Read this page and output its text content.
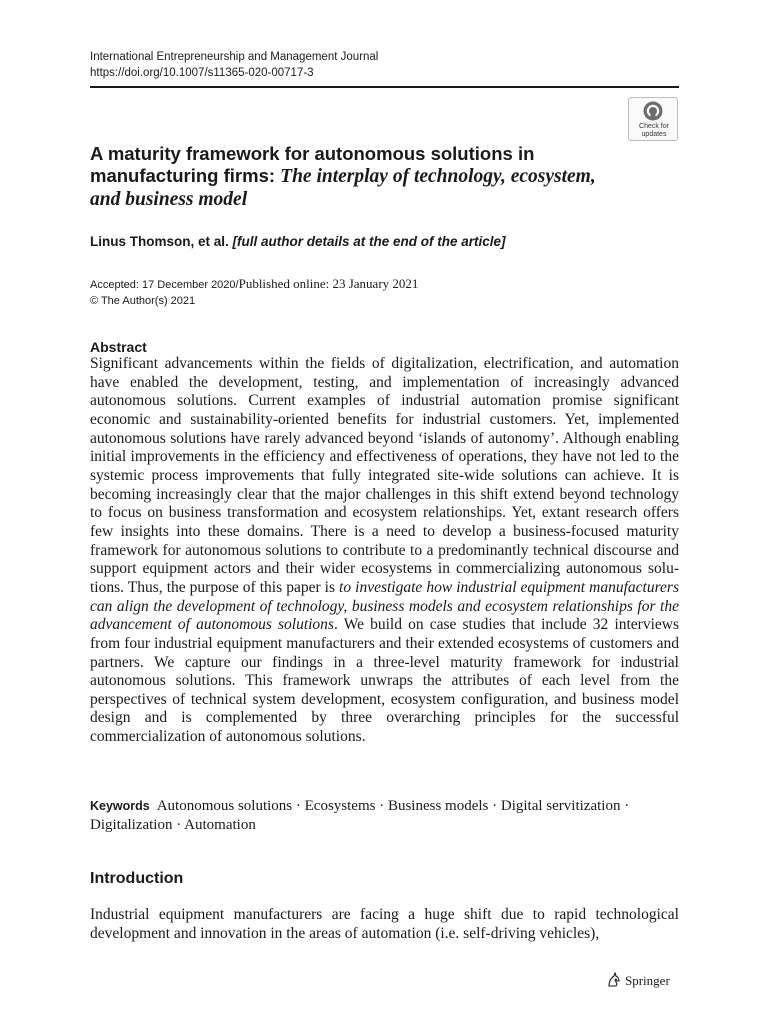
International Entrepreneurship and Management Journal
https://doi.org/10.1007/s11365-020-00717-3
Check for
updates
A maturity framework for autonomous solutions in manufacturing firms: The interplay of technology, ecosystem, and business model
Linus Thomson, et al. [full author details at the end of the article]
Accepted: 17 December 2020/Published online: 23 January 2021
© The Author(s) 2021
Abstract
Significant advancements within the fields of digitalization, electrification, and automation have enabled the development, testing, and implementation of increasingly advanced autonomous solutions. Current examples of industrial automation promise significant economic and sustainability-oriented benefits for industrial customers. Yet, implemented autonomous solutions have rarely advanced beyond ‘islands of autonomy’. Although enabling initial improvements in the efficiency and effectiveness of operations, they have not led to the systemic process improvements that fully integrated site-wide solutions can achieve. It is becoming increasingly clear that the major challenges in this shift extend beyond technology to focus on business transformation and ecosystem relationships. Yet, extant research offers few insights into these domains. There is a need to develop a business-focused maturity framework for autonomous solutions to contribute to a predominantly technical discourse and support equipment actors and their wider ecosystems in commercializing autonomous solutions. Thus, the purpose of this paper is to investigate how industrial equipment manufacturers can align the development of technology, business models and ecosystem relationships for the advancement of autonomous solutions. We build on case studies that include 32 interviews from four industrial equipment manufacturers and their extended ecosystems of customers and partners. We capture our findings in a three-level maturity framework for industrial autonomous solutions. This framework unwraps the attributes of each level from the perspectives of technical system development, ecosystem configuration, and business model design and is complemented by three overarching principles for the successful commercialization of autonomous solutions.
Keywords Autonomous solutions · Ecosystems · Business models · Digital servitization ·
Digitalization · Automation
Introduction
Industrial equipment manufacturers are facing a huge shift due to rapid technological development and innovation in the areas of automation (i.e. self-driving vehicles),
Springer
